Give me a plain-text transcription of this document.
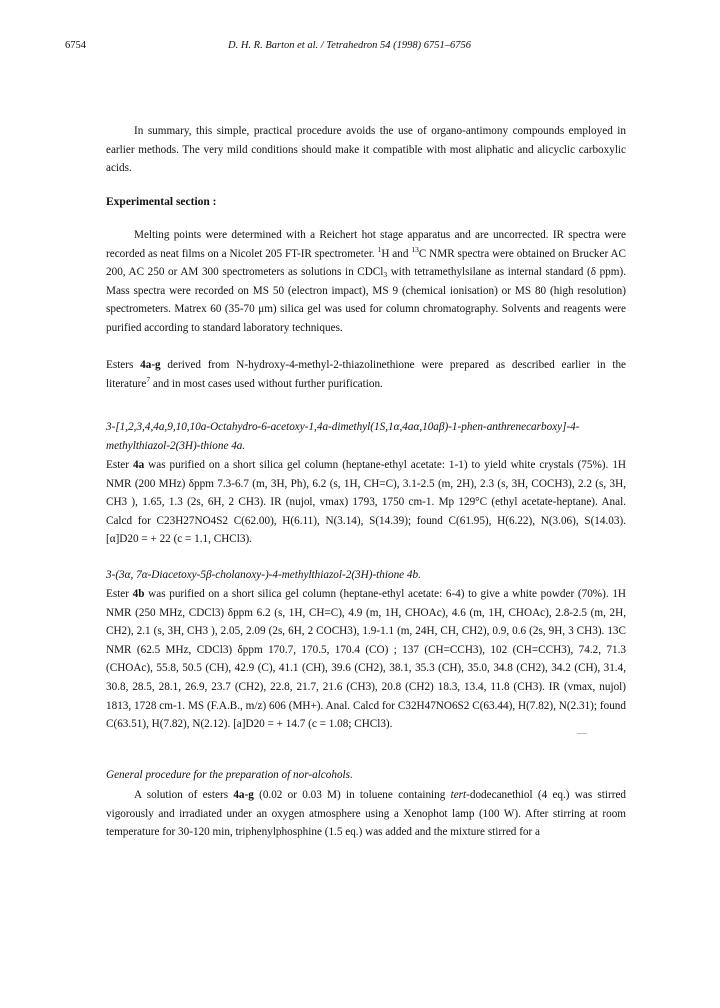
6754	D. H. R. Barton et al. / Tetrahedron 54 (1998) 6751–6756

In summary, this simple, practical procedure avoids the use of organo-antimony compounds employed in earlier methods. The very mild conditions should make it compatible with most aliphatic and alicyclic carboxylic acids.

Experimental section :

Melting points were determined with a Reichert hot stage apparatus and are uncorrected. IR spectra were recorded as neat films on a Nicolet 205 FT-IR spectrometer. $^1$H and $^{13}$C NMR spectra were obtained on Brucker AC 200, AC 250 or AM 300 spectrometers as solutions in CDCl$_3$ with tetramethylsilane as internal standard (δ ppm). Mass spectra were recorded on MS 50 (electron impact), MS 9 (chemical ionisation) or MS 80 (high resolution) spectrometers. Matrex 60 (35-70 μm) silica gel was used for column chromatography. Solvents and reagents were purified according to standard laboratory techniques.

Esters 4a-g derived from N-hydroxy-4-methyl-2-thiazolinethione were prepared as described earlier in the literature$^7$ and in most cases used without further purification.

3-[1,2,3,4,4a,9,10,10a-Octahydro-6-acetoxy-1,4a-dimethyl(1S,1α,4aα,10aβ)-1-phen-anthrenecarboxy]-4-methylthiazol-2(3H)-thione 4a.

Ester 4a was purified on a short silica gel column (heptane-ethyl acetate: 1-1) to yield white crystals (75%). 1H NMR (200 MHz) δppm 7.3-6.7 (m, 3H, Ph), 6.2 (s, 1H, CH=C), 3.1-2.5 (m, 2H), 2.3 (s, 3H, COCH3), 2.2 (s, 3H, CH3 ), 1.65, 1.3 (2s, 6H, 2 CH3). IR (nujol, vmax) 1793, 1750 cm-1. Mp 129°C (ethyl acetate-heptane). Anal. Calcd for C23H27NO4S2 C(62.00), H(6.11), N(3.14), S(14.39); found C(61.95), H(6.22), N(3.06), S(14.03). [α]D20 = + 22 (c = 1.1, CHCl3).

3-(3α, 7α-Diacetoxy-5β-cholanoxy-)-4-methylthiazol-2(3H)-thione 4b.

Ester 4b was purified on a short silica gel column (heptane-ethyl acetate: 6-4) to give a white powder (70%). 1H NMR (250 MHz, CDCl3) δppm 6.2 (s, 1H, CH=C), 4.9 (m, 1H, CHOAc), 4.6 (m, 1H, CHOAc), 2.8-2.5 (m, 2H, CH2), 2.1 (s, 3H, CH3 ), 2.05, 2.09 (2s, 6H, 2 COCH3), 1.9-1.1 (m, 24H, CH, CH2), 0.9, 0.6 (2s, 9H, 3 CH3). 13C NMR (62.5 MHz, CDCl3) δppm 170.7, 170.5, 170.4 (CO) ; 137 (CH=CCH3), 102 (CH=CCH3), 74.2, 71.3 (CHOAc), 55.8, 50.5 (CH), 42.9 (C), 41.1 (CH), 39.6 (CH2), 38.1, 35.3 (CH), 35.0, 34.8 (CH2), 34.2 (CH), 31.4, 30.8, 28.5, 28.1, 26.9, 23.7 (CH2), 22.8, 21.7, 21.6 (CH3), 20.8 (CH2) 18.3, 13.4, 11.8 (CH3). IR (vmax, nujol) 1813, 1728 cm-1. MS (F.A.B., m/z) 606 (MH+). Anal. Calcd for C32H47NO6S2 C(63.44), H(7.82), N(2.31); found C(63.51), H(7.82), N(2.12). [a]D20 = + 14.7 (c = 1.08; CHCl3).

General procedure for the preparation of nor-alcohols.

A solution of esters 4a-g (0.02 or 0.03 M) in toluene containing tert-dodecanethiol (4 eq.) was stirred vigorously and irradiated under an oxygen atmosphere using a Xenophot lamp (100 W). After stirring at room temperature for 30-120 min, triphenylphosphine (1.5 eq.) was added and the mixture stirred for a
